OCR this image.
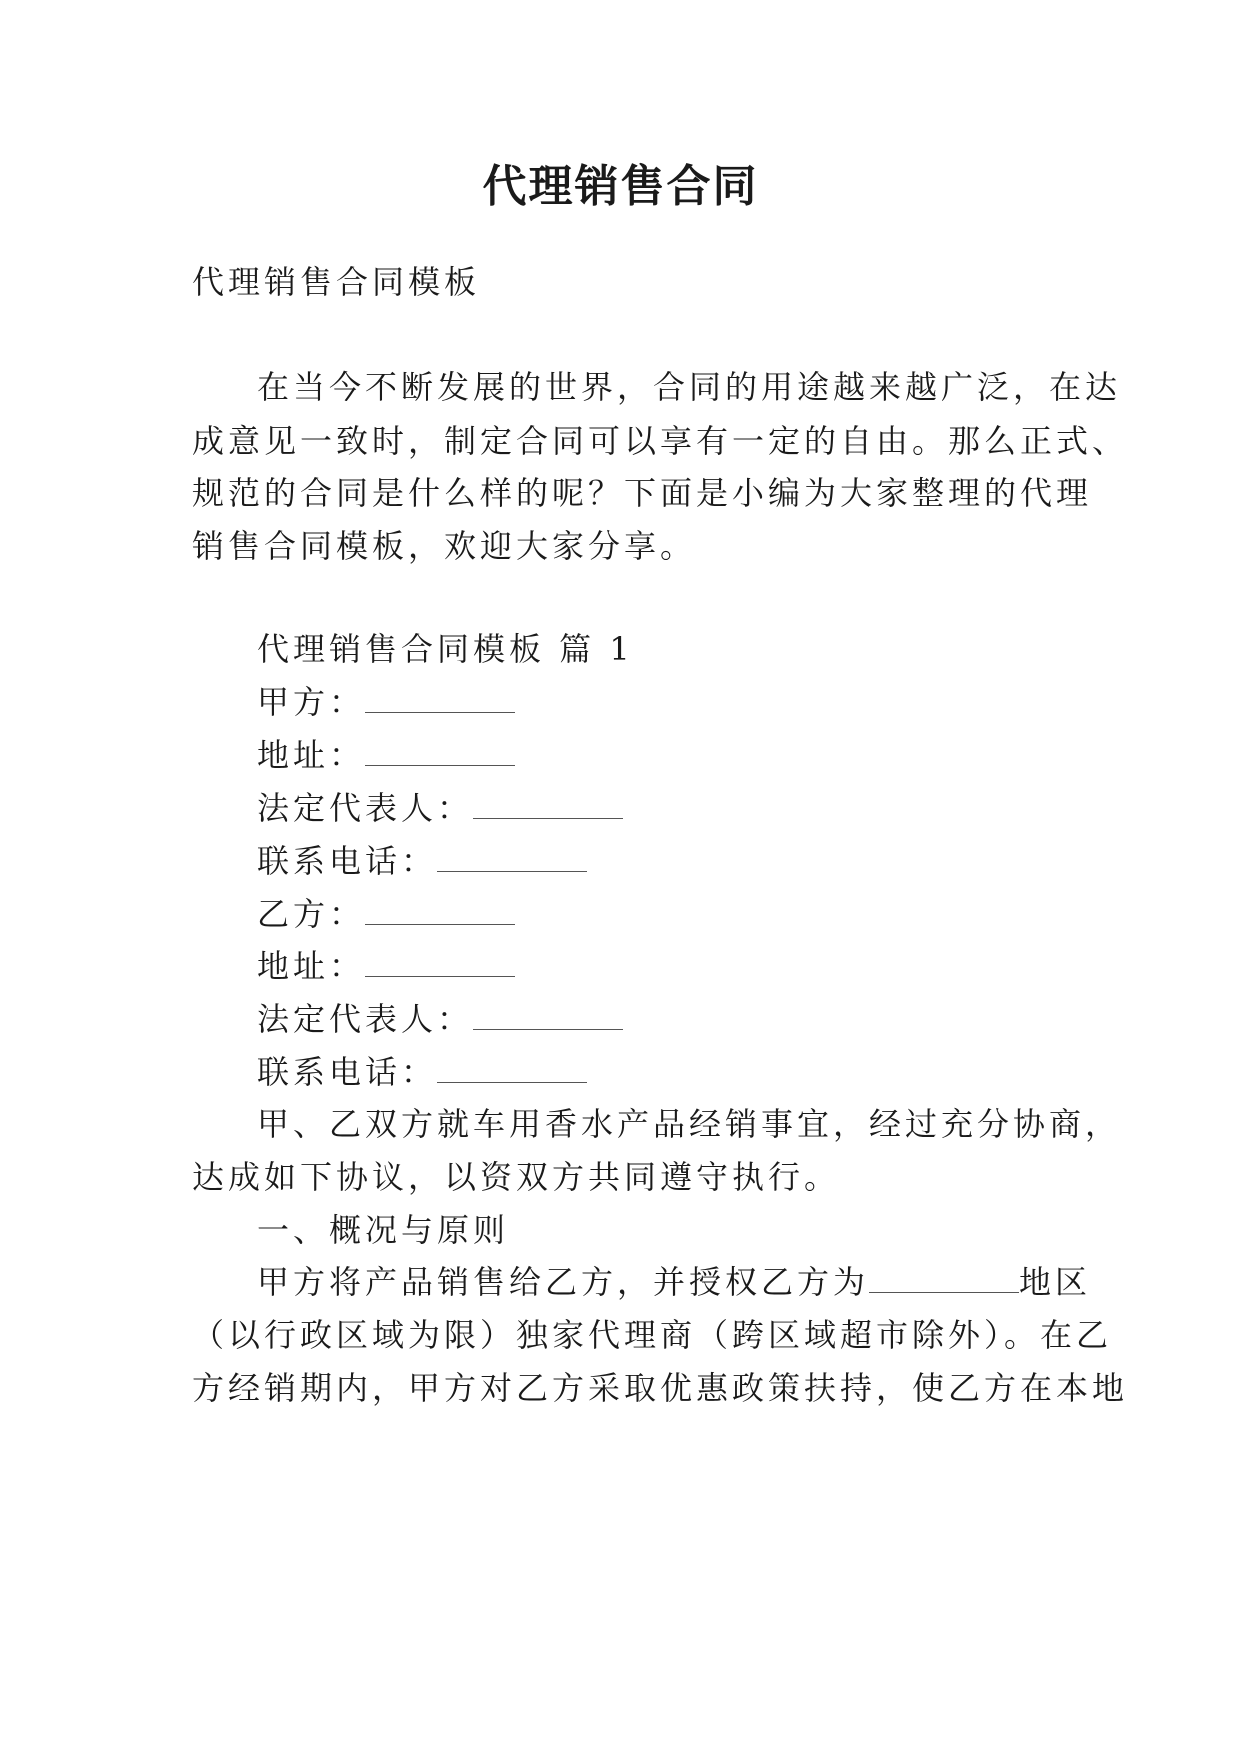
代理销售合同

代理销售合同模板

在当今不断发展的世界，合同的用途越来越广泛，在达

成意见一致时，制定合同可以享有一定的自由。那么正式、

规范的合同是什么样的呢？下面是小编为大家整理的代理

销售合同模板，欢迎大家分享。

代理销售合同模板 篇 1

甲方：

地址：

法定代表人：

联系电话：

乙方：

地址：

法定代表人：

联系电话：

甲、乙双方就车用香水产品经销事宜，经过充分协商，

达成如下协议，以资双方共同遵守执行。

一、概况与原则

甲方将产品销售给乙方，并授权乙方为	地区

（以行政区域为限）独家代理商（跨区域超市除外）。在乙

方经销期内，甲方对乙方采取优惠政策扶持，使乙方在本地
